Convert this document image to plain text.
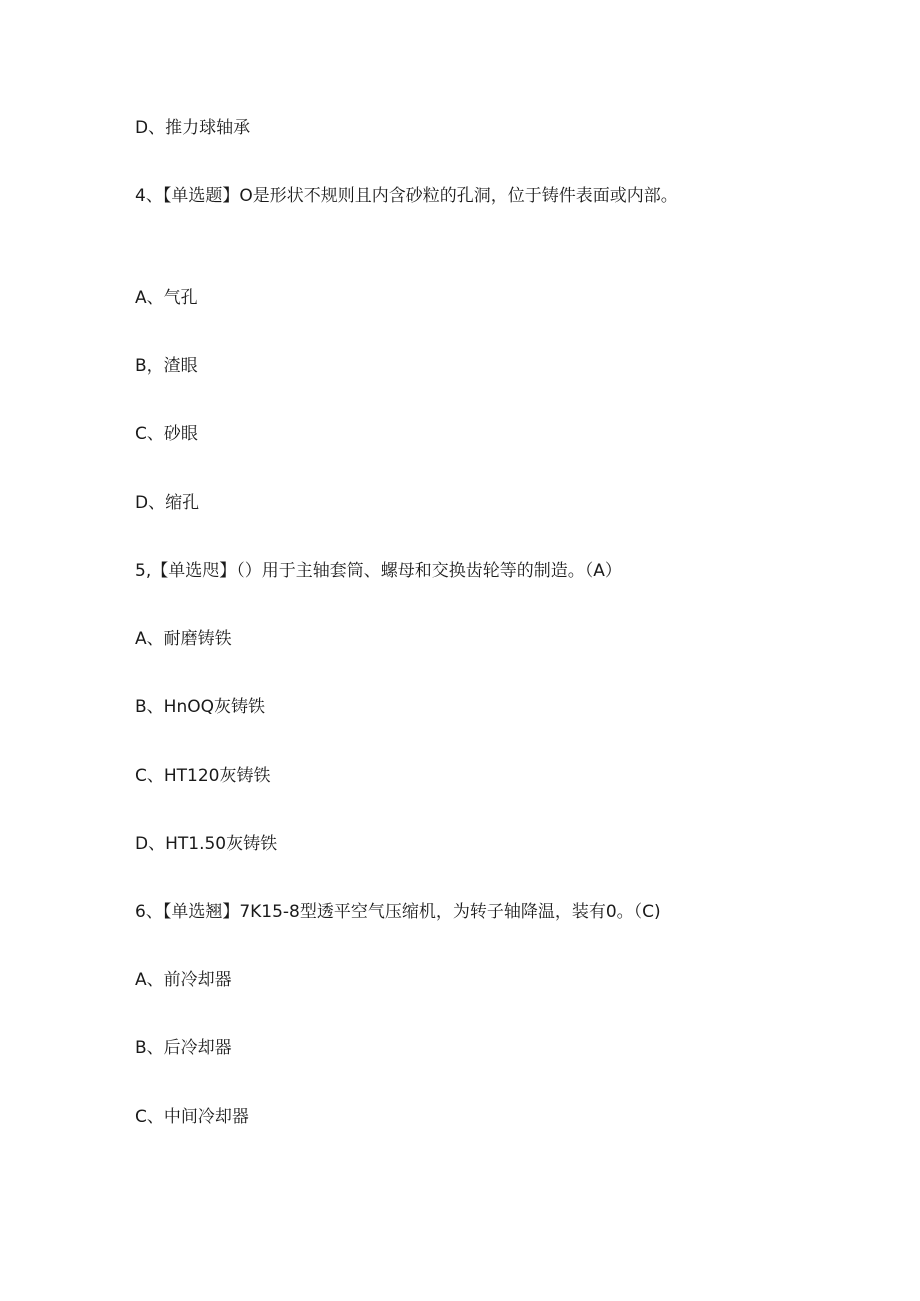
D、推力球轴承
4、【单选题】O是形状不规则且内含砂粒的孔洞，位于铸件表面或内部。
A、气孔
B，渣眼
C、砂眼
D、缩孔
5,【单选咫】（）用于主轴套筒、螺母和交换齿轮等的制造。（A）
A、耐磨铸铁
B、HnOQ灰铸铁
C、HT120灰铸铁
D、HT1.50灰铸铁
6、【单选翘】7K15-8型透平空气压缩机，为转子轴降温，装有0。（C)
A、前冷却器
B、后冷却器
C、中间冷却器
